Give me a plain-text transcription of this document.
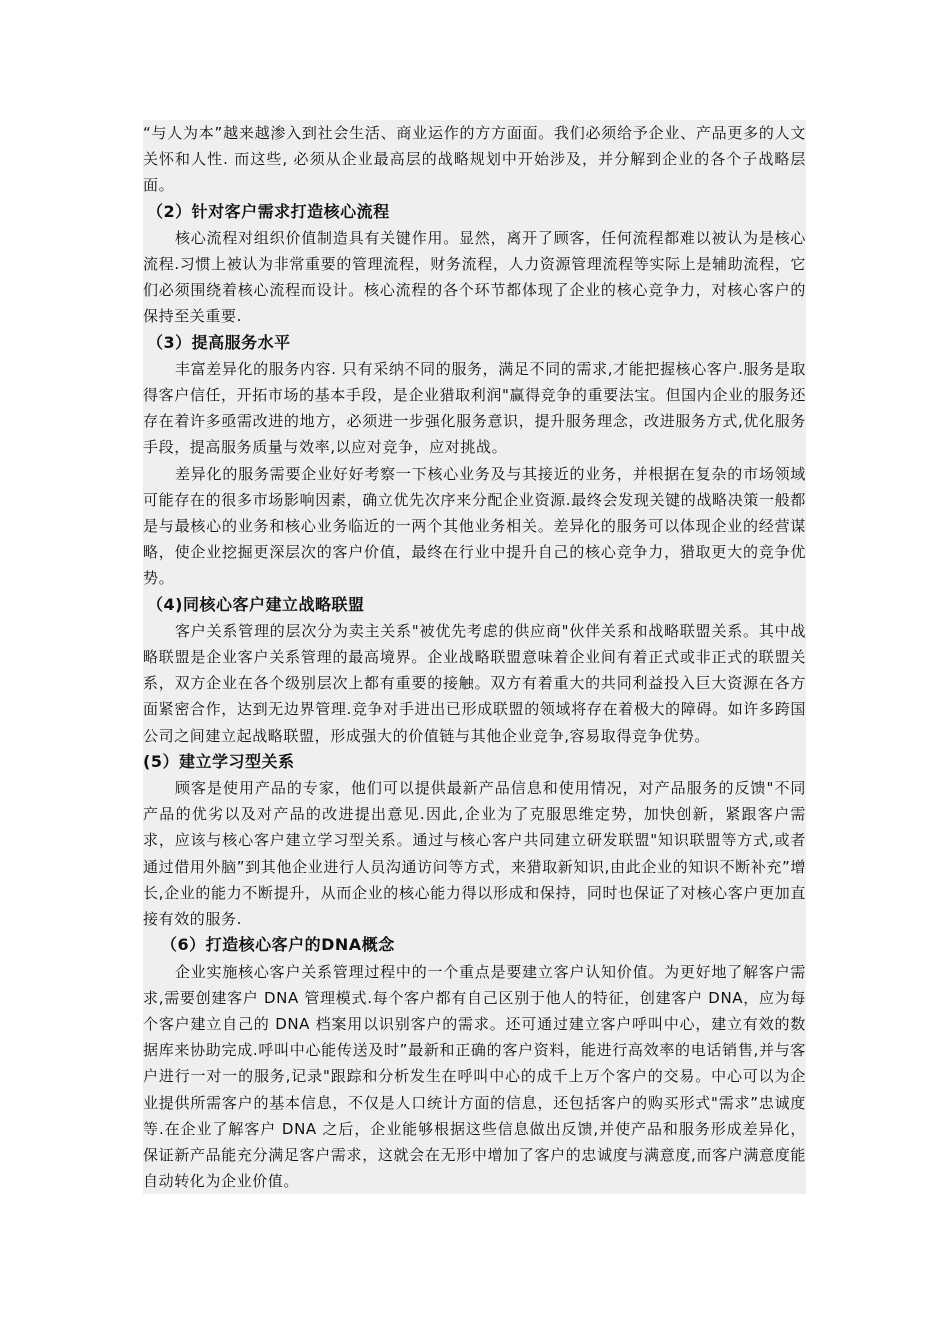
“与人为本”越来越渗入到社会生活、商业运作的方方面面。我们必须给予企业、产品更多的人文关怀和人性. 而这些, 必须从企业最高层的战略规划中开始涉及，并分解到企业的各个子战略层面。

（2）针对客户需求打造核心流程

核心流程对组织价值制造具有关键作用。显然，离开了顾客，任何流程都难以被认为是核心流程.习惯上被认为非常重要的管理流程，财务流程，人力资源管理流程等实际上是辅助流程，它们必须围绕着核心流程而设计。核心流程的各个环节都体现了企业的核心竞争力，对核心客户的保持至关重要.

（3）提高服务水平

丰富差异化的服务内容. 只有采纳不同的服务，满足不同的需求,才能把握核心客户.服务是取得客户信任，开拓市场的基本手段，是企业猎取利润"赢得竞争的重要法宝。但国内企业的服务还存在着许多亟需改进的地方，必须进一步强化服务意识，提升服务理念，改进服务方式,优化服务手段，提高服务质量与效率,以应对竞争，应对挑战。

差异化的服务需要企业好好考察一下核心业务及与其接近的业务，并根据在复杂的市场领域可能存在的很多市场影响因素，确立优先次序来分配企业资源.最终会发现关键的战略决策一般都是与最核心的业务和核心业务临近的一两个其他业务相关。差异化的服务可以体现企业的经营谋略，使企业挖掘更深层次的客户价值，最终在行业中提升自己的核心竞争力，猎取更大的竞争优势。

（4)同核心客户建立战略联盟

客户关系管理的层次分为卖主关系"被优先考虑的供应商"伙伴关系和战略联盟关系。其中战略联盟是企业客户关系管理的最高境界。企业战略联盟意味着企业间有着正式或非正式的联盟关系，双方企业在各个级别层次上都有重要的接触。双方有着重大的共同利益投入巨大资源在各方面紧密合作，达到无边界管理.竞争对手进出已形成联盟的领域将存在着极大的障碍。如许多跨国公司之间建立起战略联盟，形成强大的价值链与其他企业竞争,容易取得竞争优势。

(5）建立学习型关系

顾客是使用产品的专家，他们可以提供最新产品信息和使用情况，对产品服务的反馈"不同产品的优劣以及对产品的改进提出意见.因此,企业为了克服思维定势，加快创新，紧跟客户需求，应该与核心客户建立学习型关系。通过与核心客户共同建立研发联盟"知识联盟等方式,或者通过借用外脑”到其他企业进行人员沟通访问等方式，来猎取新知识,由此企业的知识不断补充”增长,企业的能力不断提升，从而企业的核心能力得以形成和保持，同时也保证了对核心客户更加直接有效的服务.

（6）打造核心客户的DNA概念

企业实施核心客户关系管理过程中的一个重点是要建立客户认知价值。为更好地了解客户需求,需要创建客户 DNA 管理模式.每个客户都有自己区别于他人的特征，创建客户 DNA，应为每个客户建立自己的 DNA 档案用以识别客户的需求。还可通过建立客户呼叫中心，建立有效的数据库来协助完成.呼叫中心能传送及时”最新和正确的客户资料，能进行高效率的电话销售,并与客户进行一对一的服务,记录"跟踪和分析发生在呼叫中心的成千上万个客户的交易。中心可以为企业提供所需客户的基本信息，不仅是人口统计方面的信息，还包括客户的购买形式"需求”忠诚度等.在企业了解客户 DNA 之后，企业能够根据这些信息做出反馈,并使产品和服务形成差异化，保证新产品能充分满足客户需求，这就会在无形中增加了客户的忠诚度与满意度,而客户满意度能自动转化为企业价值。
